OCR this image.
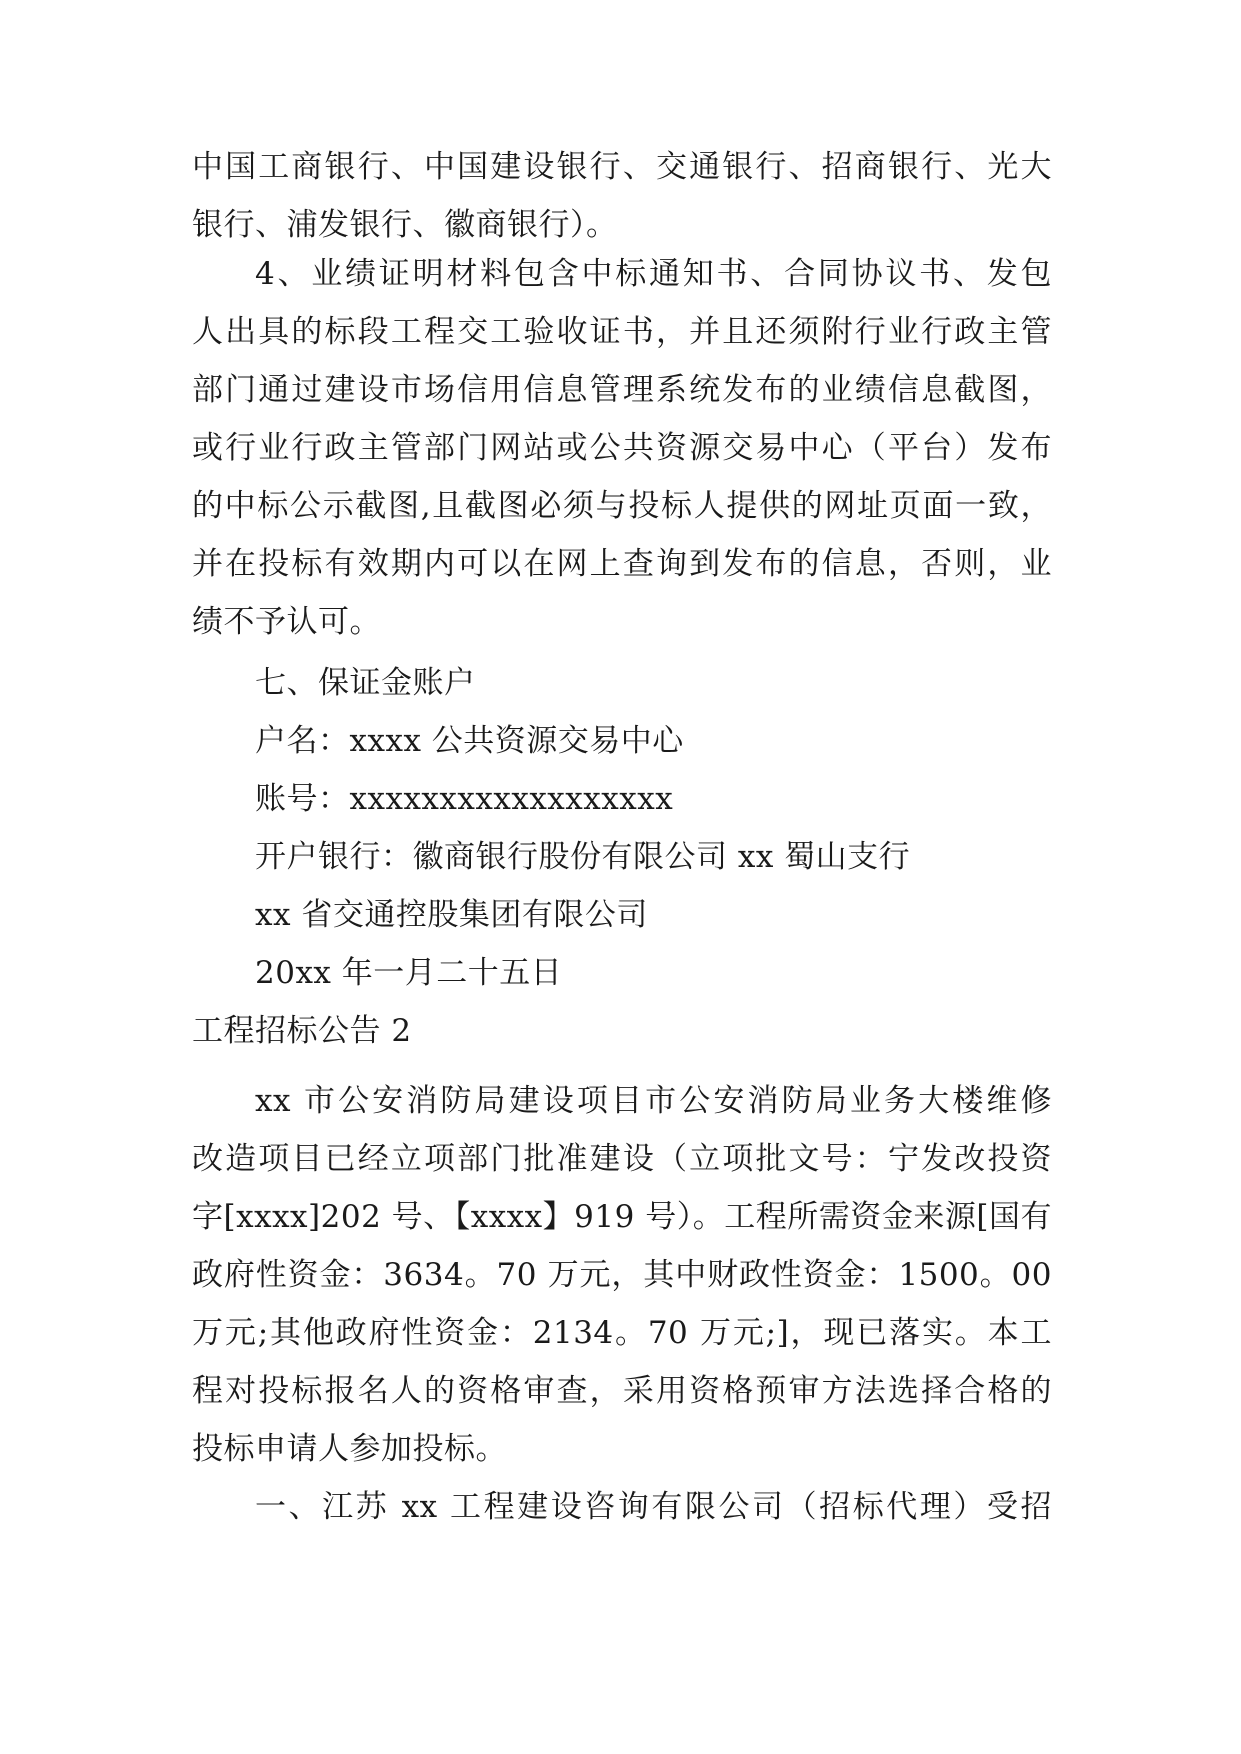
中国工商银行、中国建设银行、交通银行、招商银行、光大
银行、浦发银行、徽商银行）。
4、业绩证明材料包含中标通知书、合同协议书、发包
人出具的标段工程交工验收证书，并且还须附行业行政主管
部门通过建设市场信用信息管理系统发布的业绩信息截图，
或行业行政主管部门网站或公共资源交易中心（平台）发布
的中标公示截图,且截图必须与投标人提供的网址页面一致，
并在投标有效期内可以在网上查询到发布的信息，否则，业
绩不予认可。
七、保证金账户
户名：xxxx 公共资源交易中心
账号：xxxxxxxxxxxxxxxxxx
开户银行：徽商银行股份有限公司 xx 蜀山支行
xx 省交通控股集团有限公司
20xx 年一月二十五日
工程招标公告 2
xx 市公安消防局建设项目市公安消防局业务大楼维修
改造项目已经立项部门批准建设（立项批文号：宁发改投资
字[xxxx]202 号、【xxxx】919 号）。工程所需资金来源[国有
政府性资金：3634。70 万元，其中财政性资金：1500。00
万元;其他政府性资金：2134。70 万元;]，现已落实。本工
程对投标报名人的资格审查，采用资格预审方法选择合格的
投标申请人参加投标。
一、江苏 xx 工程建设咨询有限公司（招标代理）受招
